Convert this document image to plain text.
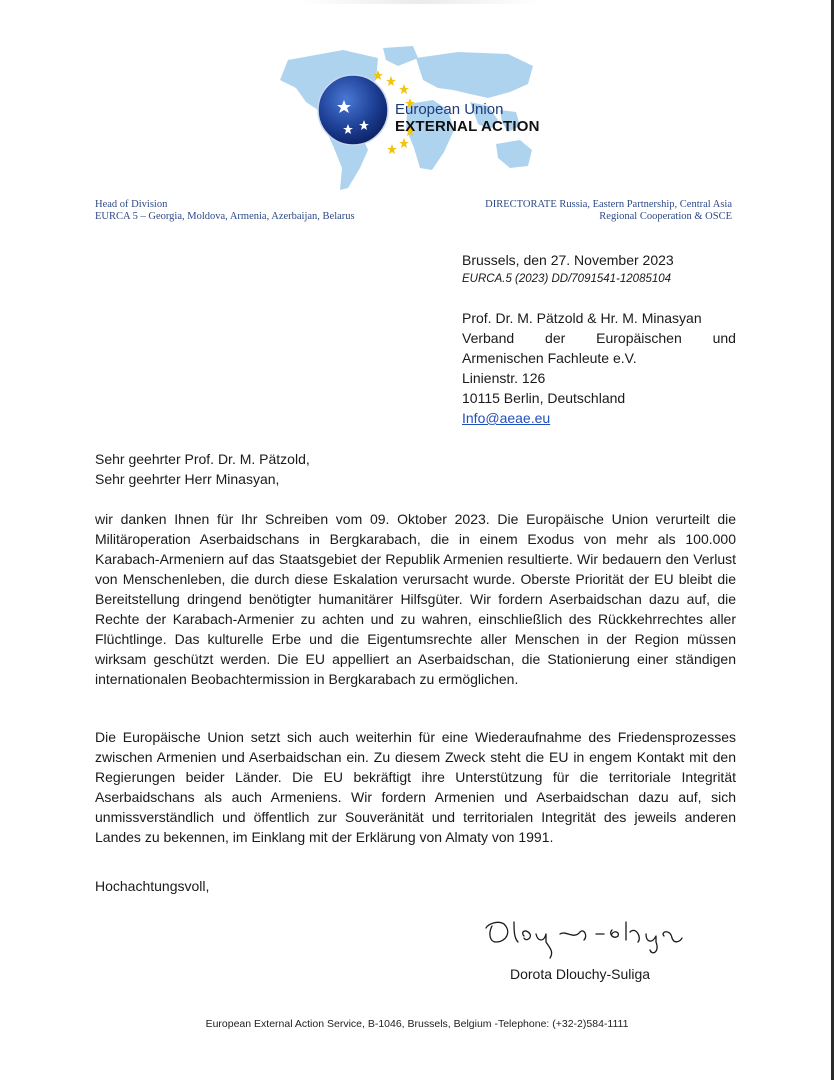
European Union
EXTERNAL ACTION
Head of Division
EURCA 5 – Georgia, Moldova, Armenia, Azerbaijan, Belarus
DIRECTORATE Russia, Eastern Partnership, Central Asia
Regional Cooperation & OSCE
Brussels, den 27. November 2023
EURCA.5 (2023) DD/7091541-12085104
Prof. Dr. M. Pätzold & Hr. M. Minasyan
Verband der Europäischen und
Armenischen Fachleute e.V.
Linienstr. 126
10115 Berlin, Deutschland
Info@aeae.eu
Sehr geehrter Prof. Dr. M. Pätzold,
Sehr geehrter Herr Minasyan,
wir danken Ihnen für Ihr Schreiben vom 09. Oktober 2023. Die Europäische Union verurteilt die Militäroperation Aserbaidschans in Bergkarabach, die in einem Exodus von mehr als 100.000 Karabach-Armeniern auf das Staatsgebiet der Republik Armenien resultierte. Wir bedauern den Verlust von Menschenleben, die durch diese Eskalation verursacht wurde. Oberste Priorität der EU bleibt die Bereitstellung dringend benötigter humanitärer Hilfsgüter. Wir fordern Aserbaidschan dazu auf, die Rechte der Karabach-Armenier zu achten und zu wahren, einschließlich des Rückkehrrechtes aller Flüchtlinge. Das kulturelle Erbe und die Eigentumsrechte aller Menschen in der Region müssen wirksam geschützt werden. Die EU appelliert an Aserbaidschan, die Stationierung einer ständigen internationalen Beobachtermission in Bergkarabach zu ermöglichen.
Die Europäische Union setzt sich auch weiterhin für eine Wiederaufnahme des Friedensprozesses zwischen Armenien und Aserbaidschan ein. Zu diesem Zweck steht die EU in engem Kontakt mit den Regierungen beider Länder. Die EU bekräftigt ihre Unterstützung für die territoriale Integrität Aserbaidschans als auch Armeniens. Wir fordern Armenien und Aserbaidschan dazu auf, sich unmissverständlich und öffentlich zur Souveränität und territorialen Integrität des jeweils anderen Landes zu bekennen, im Einklang mit der Erklärung von Almaty von 1991.
Hochachtungsvoll,
Dorota Dlouchy-Suliga
European External Action Service, B-1046, Brussels, Belgium -Telephone: (+32-2)584-1111
